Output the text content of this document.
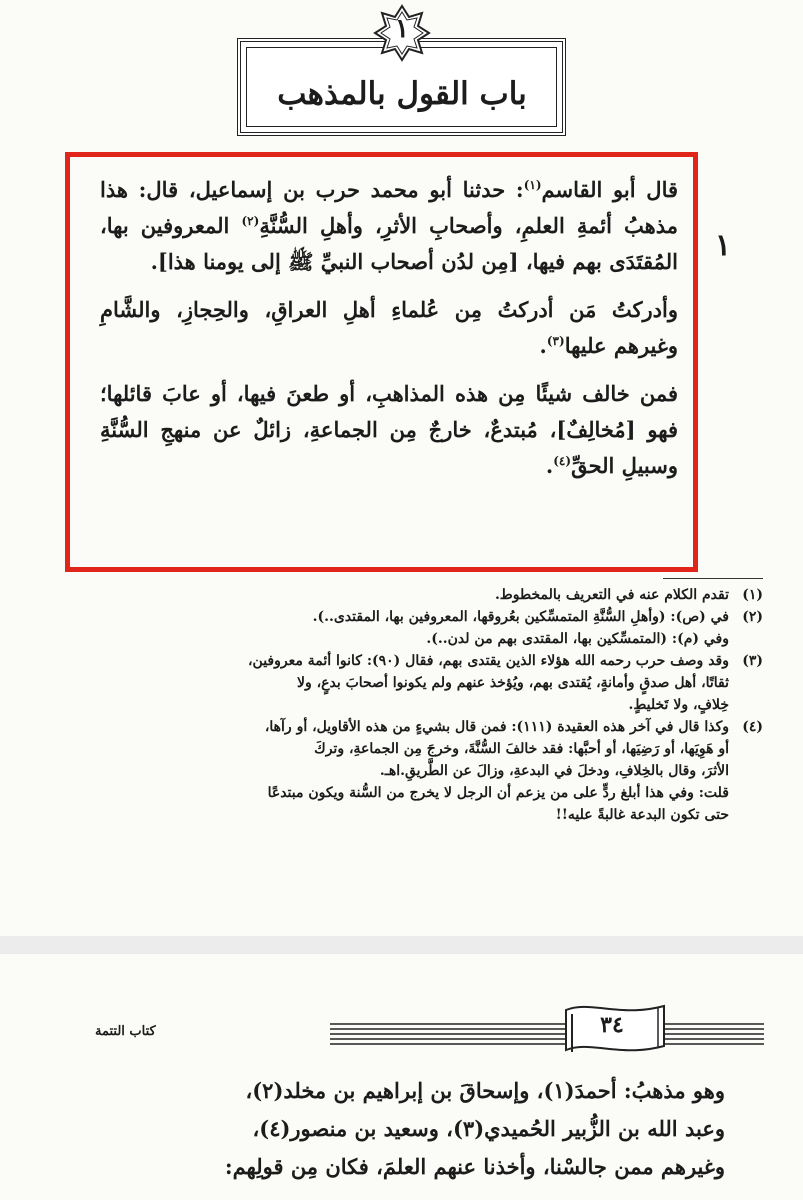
١
باب القول بالمذهب
١

قال أبو القاسم$^{(١)}$: حدثنا أبو محمد حرب بن إسماعيل، قال: هذا مذهبُ أئمةِ العلمِ، وأصحابِ الأثرِ، وأهلِ السُّنَّةِ$^{(٢)}$ المعروفين بها، المُقتَدَى بهم فيها، [مِن لدُن أصحاب النبيِّ ﷺ إلى يومنا هذا].

وأدركتُ مَن أدركتُ مِن عُلماءِ أهلِ العراقِ، والحِجازِ، والشَّامِ وغيرهم عليها$^{(٣)}$.

فمن خالف شيئًا مِن هذه المذاهبِ، أو طعنَ فيها، أو عابَ قائلها؛ فهو [مُخالِفٌ]، مُبتدعٌ، خارجٌ مِن الجماعةِ، زائلٌ عن منهجِ السُّنَّةِ وسبيلِ الحقِّ$^{(٤)}$.

(١)
تقدم الكلام عنه في التعريف بالمخطوط.
(٢)
في (ص): (وأهلِ السُّنَّةِ المتمسِّكين بعُروقها، المعروفين بها، المقتدى..).
وفي (م): (المتمسِّكين بها، المقتدى بهم من لدن..).
(٣)
وقد وصف حرب رحمه الله هؤلاء الذين يقتدى بهم، فقال (٩٠): كانوا أئمة معروفين،
ثقاتًا، أهل صدقٍ وأمانةٍ، يُقتدى بهم، ويُؤخذ عنهم ولم يكونوا أصحابَ بدعٍ، ولا
خِلافٍ، ولا تَخليطٍ.
(٤)
وكذا قال في آخر هذه العقيدة (١١١): فمن قال بشيءٍ من هذه الأقاويل، أو رآها،
أو هَوِيَها، أو رَضِيَها، أو أحبَّها: فقد خالفَ السُّنَّةَ، وخرجَ مِن الجماعةِ، وتركَ
الأثرَ، وقال بالخِلافِ، ودخلَ في البدعةِ، وزالَ عن الطَّريقِ.اهـ.
قلت: وفي هذا أبلغ ردٍّ على من يزعم أن الرجل لا يخرج من السُّنة ويكون مبتدعًا
حتى تكون البدعة غالبةً عليه!!
كتاب التتمة	٣٤
وهو مذهبُ: أحمدَ(١)، وإسحاقَ بن إبراهيم بن مخلد(٢)،
وعبد الله بن الزُّبير الحُميدي(٣)، وسعيد بن منصور(٤)،
وغيرهم ممن جالسْنا، وأخذنا عنهم العلمَ، فكان مِن قولِهم:
